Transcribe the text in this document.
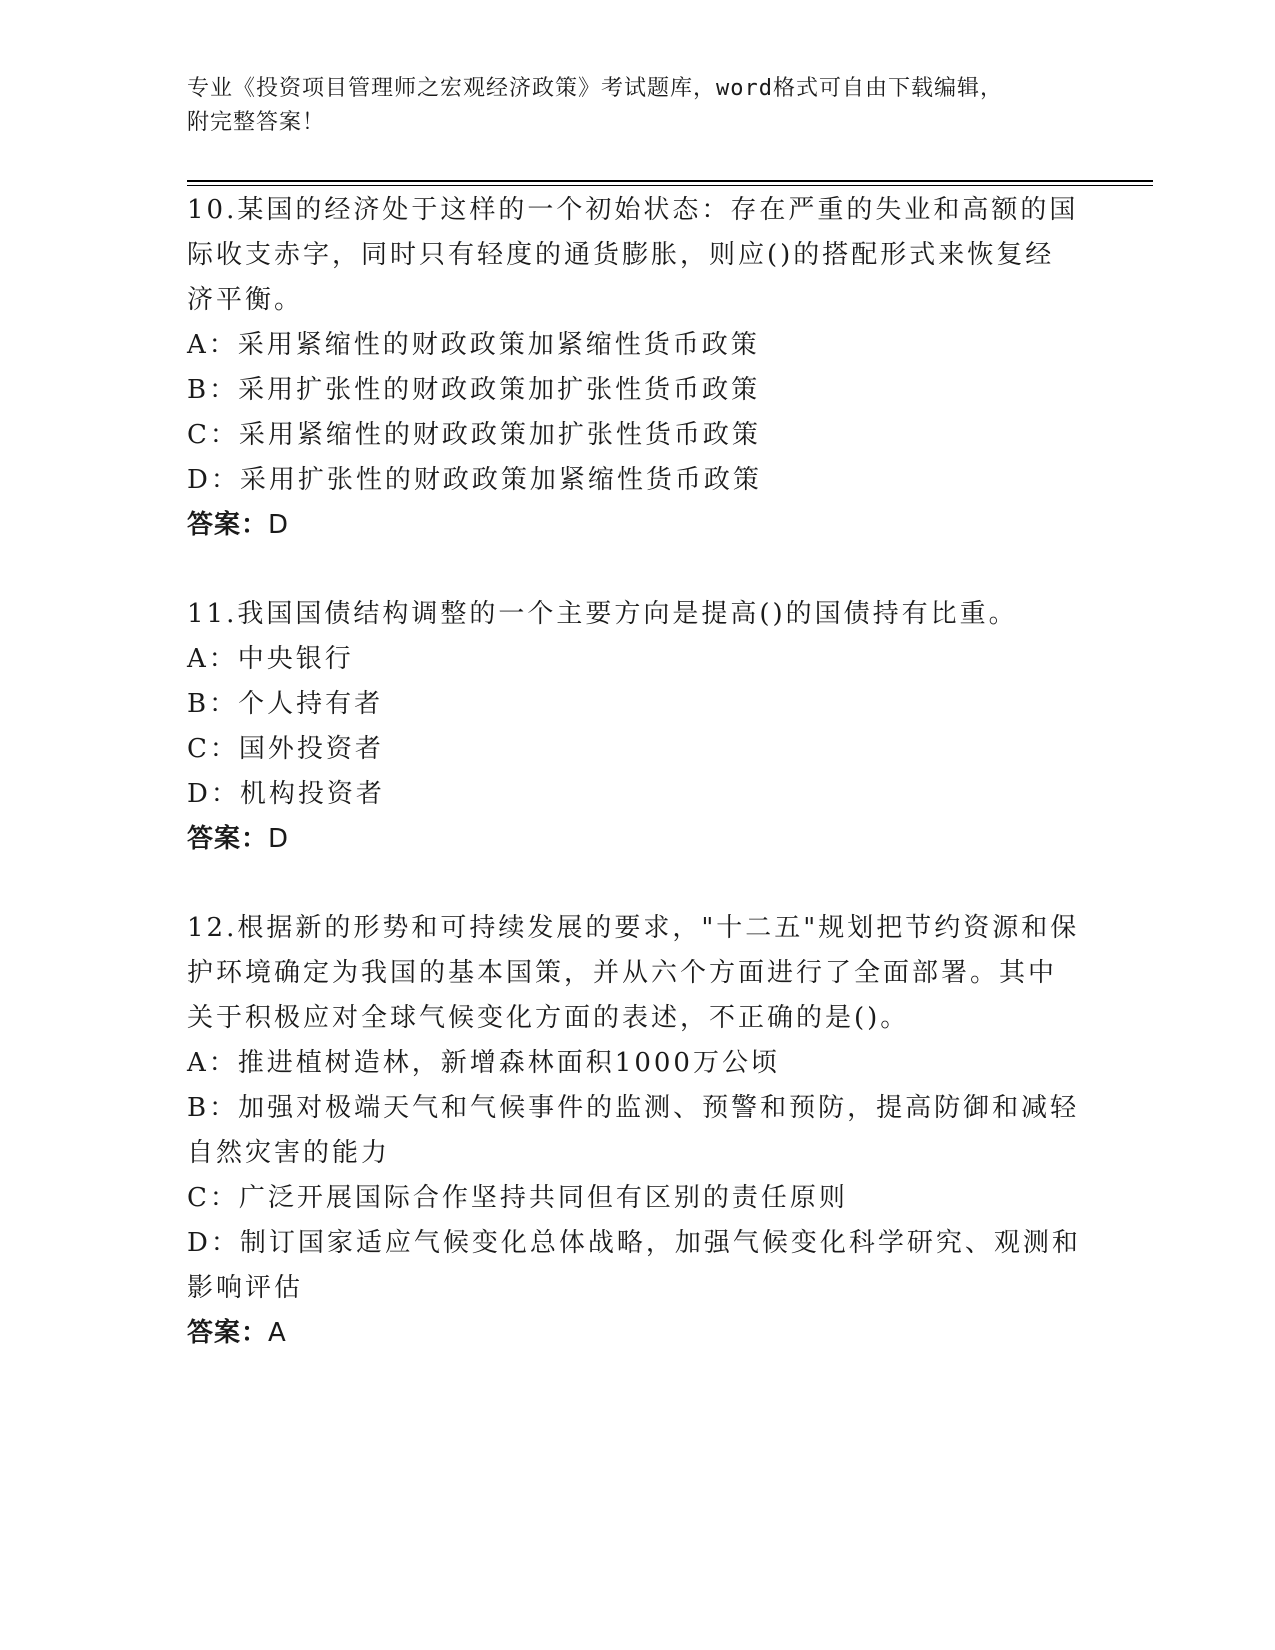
专业《投资项目管理师之宏观经济政策》考试题库，word格式可自由下载编辑，
附完整答案！

10.某国的经济处于这样的一个初始状态：存在严重的失业和高额的国

际收支赤字，同时只有轻度的通货膨胀，则应()的搭配形式来恢复经

济平衡。

A：采用紧缩性的财政政策加紧缩性货币政策

B：采用扩张性的财政政策加扩张性货币政策

C：采用紧缩性的财政政策加扩张性货币政策

D：采用扩张性的财政政策加紧缩性货币政策

答案：D

11.我国国债结构调整的一个主要方向是提高()的国债持有比重。

A：中央银行

B：个人持有者

C：国外投资者

D：机构投资者

答案：D

12.根据新的形势和可持续发展的要求，"十二五"规划把节约资源和保

护环境确定为我国的基本国策，并从六个方面进行了全面部署。其中

关于积极应对全球气候变化方面的表述，不正确的是()。

A：推进植树造林，新增森林面积1000万公顷

B：加强对极端天气和气候事件的监测、预警和预防，提高防御和减轻

自然灾害的能力

C：广泛开展国际合作坚持共同但有区别的责任原则

D：制订国家适应气候变化总体战略，加强气候变化科学研究、观测和

影响评估

答案：A
